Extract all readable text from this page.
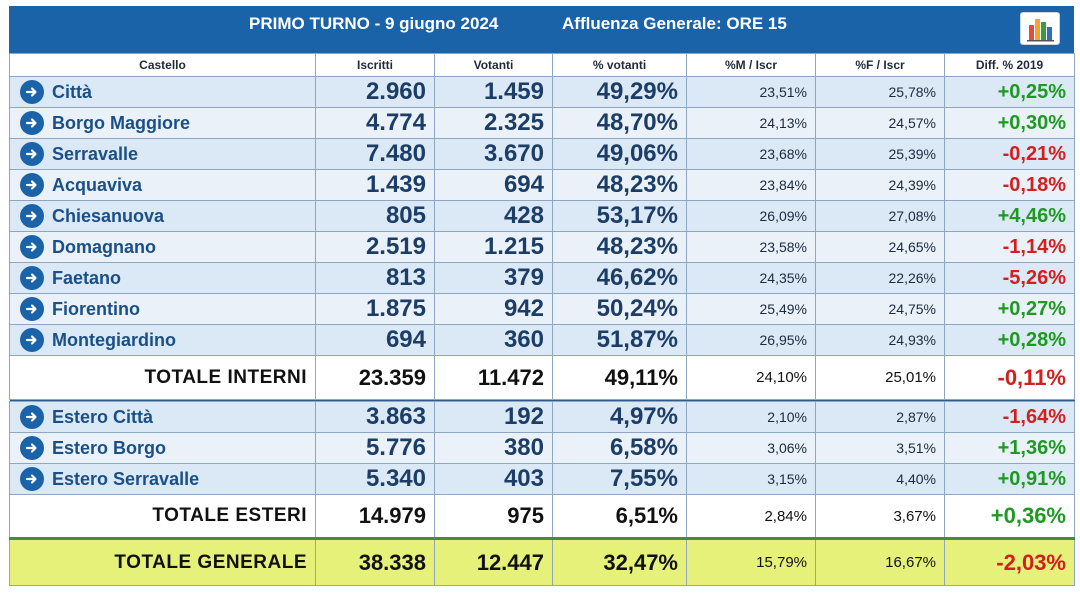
PRIMO TURNO - 9 giugno 2024	Affluenza Generale: ORE 15
Castello	Iscritti	Votanti	% votanti	%M / Iscr	%F / Iscr	Diff. % 2019

Città	2.960	1.459	49,29%	23,51%	25,78%	+0,25%

Borgo Maggiore	4.774	2.325	48,70%	24,13%	24,57%	+0,30%

Serravalle	7.480	3.670	49,06%	23,68%	25,39%	-0,21%

Acquaviva	1.439	694	48,23%	23,84%	24,39%	-0,18%

Chiesanuova	805	428	53,17%	26,09%	27,08%	+4,46%

Domagnano	2.519	1.215	48,23%	23,58%	24,65%	-1,14%

Faetano	813	379	46,62%	24,35%	22,26%	-5,26%

Fiorentino	1.875	942	50,24%	25,49%	24,75%	+0,27%

Montegiardino	694	360	51,87%	26,95%	24,93%	+0,28%
TOTALE INTERNI	23.359	11.472	49,11%	24,10%	25,01%	-0,11%

Estero Città	3.863	192	4,97%	2,10%	2,87%	-1,64%

Estero Borgo	5.776	380	6,58%	3,06%	3,51%	+1,36%

Estero Serravalle	5.340	403	7,55%	3,15%	4,40%	+0,91%
TOTALE ESTERI	14.979	975	6,51%	2,84%	3,67%	+0,36%
TOTALE GENERALE	38.338	12.447	32,47%	15,79%	16,67%	-2,03%
